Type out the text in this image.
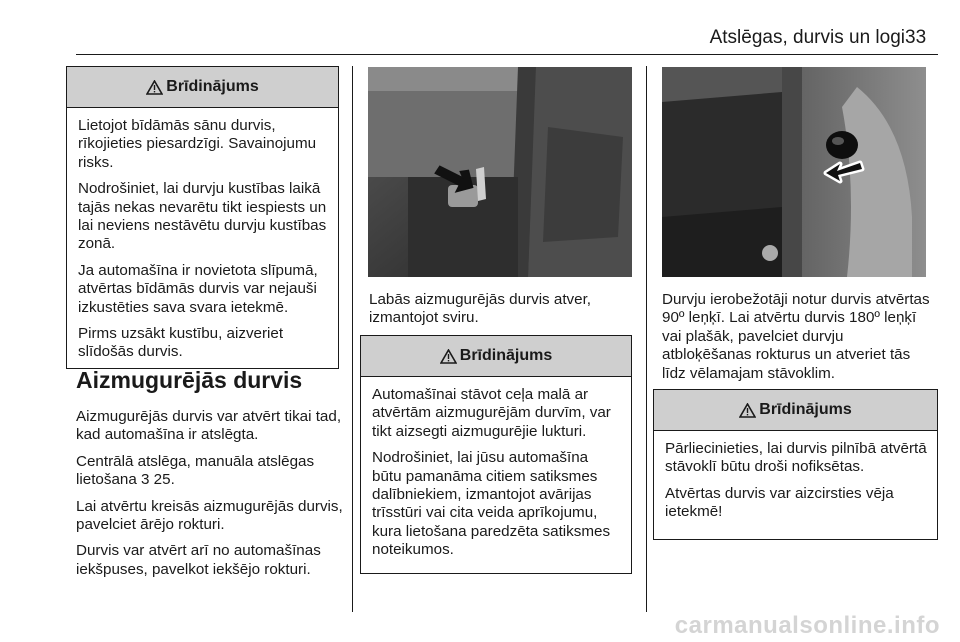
Atslēgas, durvis un logi 33
Brīdinājums

Lietojot bīdāmās sānu durvis, rīkojieties piesardzīgi. Savainojumu risks.

Nodrošiniet, lai durvju kustības laikā tajās nekas nevarētu tikt iespiests un lai neviens nestāvētu durvju kustības zonā.

Ja automašīna ir novietota slīpumā, atvērtas bīdāmās durvis var nejauši izkustēties sava svara ietekmē.

Pirms uzsākt kustību, aizveriet slīdošās durvis.

Aizmugurējās durvis

Aizmugurējās durvis var atvērt tikai tad, kad automašīna ir atslēgta.

Centrālā atslēga, manuāla atslēgas lietošana 3 25.

Lai atvērtu kreisās aizmugurējās durvis, pavelciet ārējo rokturi.

Durvis var atvērt arī no automašīnas iekšpuses, pavelkot iekšējo rokturi.

Labās aizmugurējās durvis atver, izmantojot sviru.

Brīdinājums

Automašīnai stāvot ceļa malā ar atvērtām aizmugurējām durvīm, var tikt aizsegti aizmugurējie lukturi.

Nodrošiniet, lai jūsu automašīna būtu pamanāma citiem satiksmes dalībniekiem, izmantojot avārijas trīsstūri vai cita veida aprīkojumu, kura lietošana paredzēta satiksmes noteikumos.

Durvju ierobežotāji notur durvis atvērtas 90º leņķī. Lai atvērtu durvis 180º leņķī vai plašāk, pavelciet durvju atbloķēšanas rokturus un atveriet tās līdz vēlamajam stāvoklim.

Brīdinājums

Pārliecinieties, lai durvis pilnībā atvērtā stāvoklī būtu droši nofiksētas.

Atvērtas durvis var aizcirsties vēja ietekmē!

carmanualsonline.info
